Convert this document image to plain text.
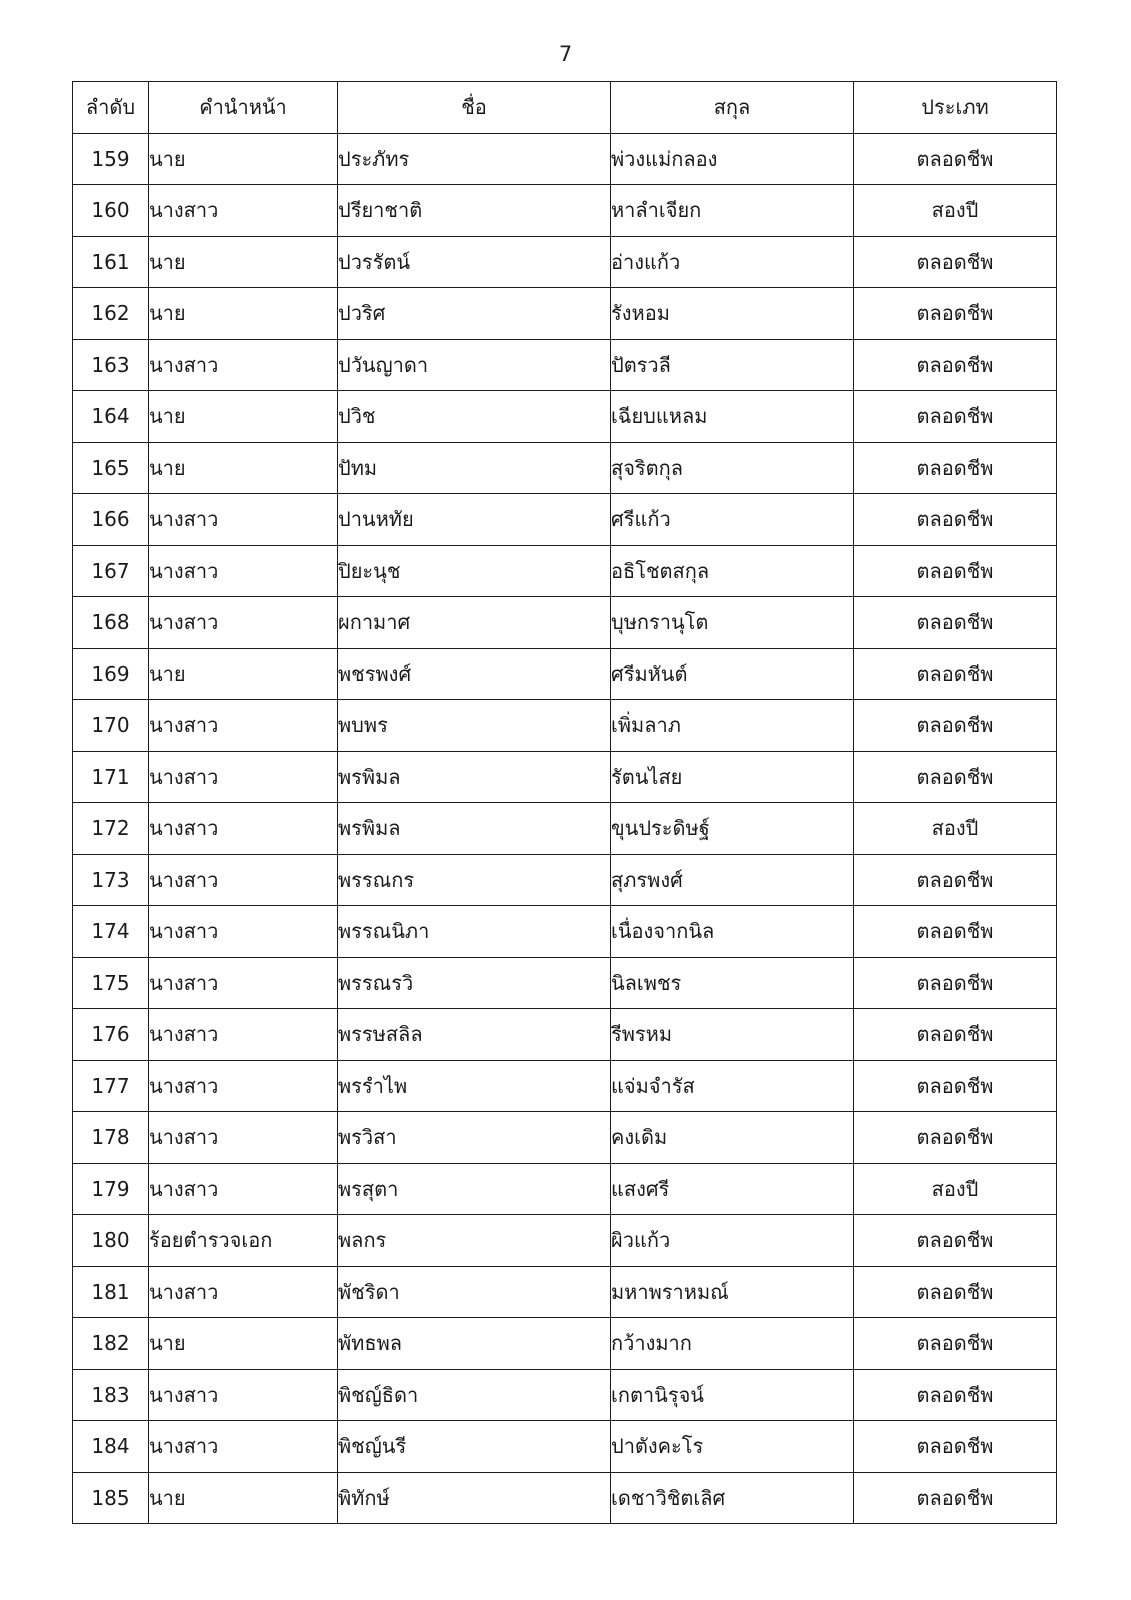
7
ลำดับ	คำนำหน้า	ชื่อ	สกุล	ประเภท
159	นาย	ประภัทร	พ่วงแม่กลอง	ตลอดชีพ
160	นางสาว	ปรียาชาติ	หาลำเจียก	สองปี
161	นาย	ปวรรัตน์	อ่างแก้ว	ตลอดชีพ
162	นาย	ปวริศ	รังหอม	ตลอดชีพ
163	นางสาว	ปวันญาดา	ปัตรวลี	ตลอดชีพ
164	นาย	ปวิช	เฉียบแหลม	ตลอดชีพ
165	นาย	ปัทม	สุจริตกุล	ตลอดชีพ
166	นางสาว	ปานหทัย	ศรีแก้ว	ตลอดชีพ
167	นางสาว	ปิยะนุช	อธิโชตสกุล	ตลอดชีพ
168	นางสาว	ผกามาศ	บุษกรานุโต	ตลอดชีพ
169	นาย	พชรพงศ์	ศรีมหันต์	ตลอดชีพ
170	นางสาว	พบพร	เพิ่มลาภ	ตลอดชีพ
171	นางสาว	พรพิมล	รัตนไสย	ตลอดชีพ
172	นางสาว	พรพิมล	ขุนประดิษฐ์	สองปี
173	นางสาว	พรรณกร	สุภรพงศ์	ตลอดชีพ
174	นางสาว	พรรณนิภา	เนื่องจากนิล	ตลอดชีพ
175	นางสาว	พรรณรวิ	นิลเพชร	ตลอดชีพ
176	นางสาว	พรรษสลิล	รีพรหม	ตลอดชีพ
177	นางสาว	พรรำไพ	แจ่มจำรัส	ตลอดชีพ
178	นางสาว	พรวิสา	คงเดิม	ตลอดชีพ
179	นางสาว	พรสุตา	แสงศรี	สองปี
180	ร้อยตำรวจเอก	พลกร	ผิวแก้ว	ตลอดชีพ
181	นางสาว	พัชริดา	มหาพราหมณ์	ตลอดชีพ
182	นาย	พัทธพล	กว้างมาก	ตลอดชีพ
183	นางสาว	พิชญ์ธิดา	เกตานิรุจน์	ตลอดชีพ
184	นางสาว	พิชญ์นรี	ปาตังคะโร	ตลอดชีพ
185	นาย	พิทักษ์	เดชาวิชิตเลิศ	ตลอดชีพ
